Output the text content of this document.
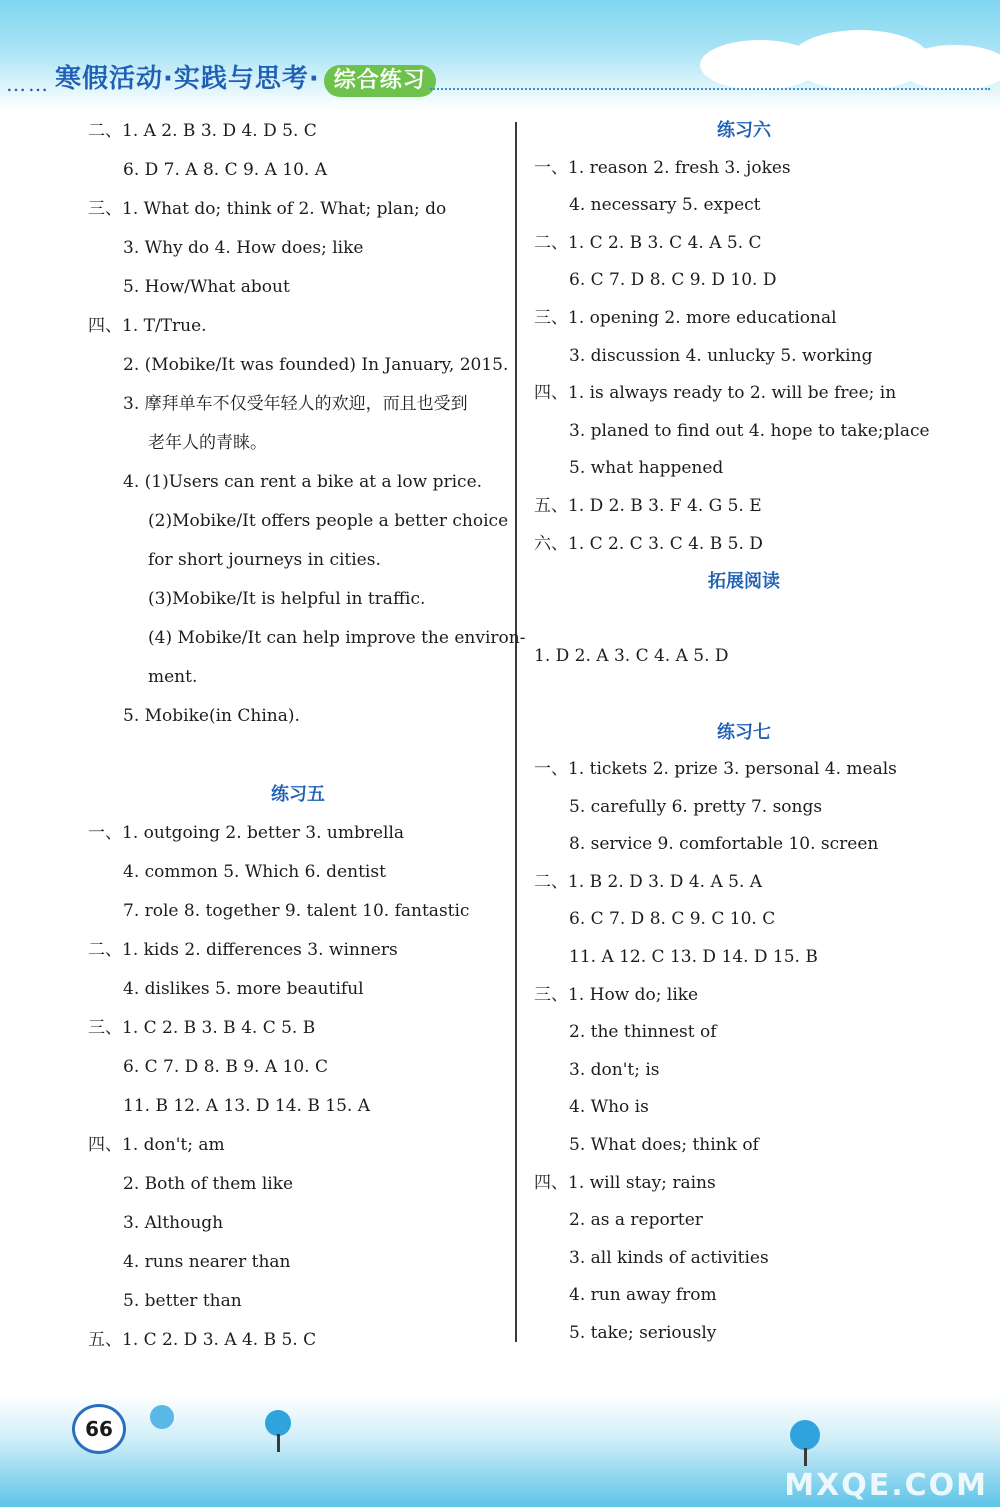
…… 寒假活动·实践与思考· 综合练习
二、1. A 2. B 3. D 4. D 5. C
6. D 7. A 8. C 9. A 10. A
三、1. What do; think of 2. What; plan; do
3. Why do 4. How does; like
5. How/What about
四、1. T/True.
2. (Mobike/It was founded) In January, 2015.
3. 摩拜单车不仅受年轻人的欢迎，而且也受到
老年人的青睐。
4. (1)Users can rent a bike at a low price.
(2)Mobike/It offers people a better choice
for short journeys in cities.
(3)Mobike/It is helpful in traffic.
(4) Mobike/It can help improve the environ-
ment.
5. Mobike(in China).
练习五
一、1. outgoing 2. better 3. umbrella
4. common 5. Which 6. dentist
7. role 8. together 9. talent 10. fantastic
二、1. kids 2. differences 3. winners
4. dislikes 5. more beautiful
三、1. C 2. B 3. B 4. C 5. B
6. C 7. D 8. B 9. A 10. C
11. B 12. A 13. D 14. B 15. A
四、1. don't; am
2. Both of them like
3. Although
4. runs nearer than
5. better than
五、1. C 2. D 3. A 4. B 5. C
练习六
一、1. reason 2. fresh 3. jokes
4. necessary 5. expect
二、1. C 2. B 3. C 4. A 5. C
6. C 7. D 8. C 9. D 10. D
三、1. opening 2. more educational
3. discussion 4. unlucky 5. working
四、1. is always ready to 2. will be free; in
3. planed to find out 4. hope to take;place
5. what happened
五、1. D 2. B 3. F 4. G 5. E
六、1. C 2. C 3. C 4. B 5. D
拓展阅读
1. D 2. A 3. C 4. A 5. D
练习七
一、1. tickets 2. prize 3. personal 4. meals
5. carefully 6. pretty 7. songs
8. service 9. comfortable 10. screen
二、1. B 2. D 3. D 4. A 5. A
6. C 7. D 8. C 9. C 10. C
11. A 12. C 13. D 14. D 15. B
三、1. How do; like
2. the thinnest of
3. don't; is
4. Who is
5. What does; think of
四、1. will stay; rains
2. as a reporter
3. all kinds of activities
4. run away from
5. take; seriously
66
MXQE.COM
